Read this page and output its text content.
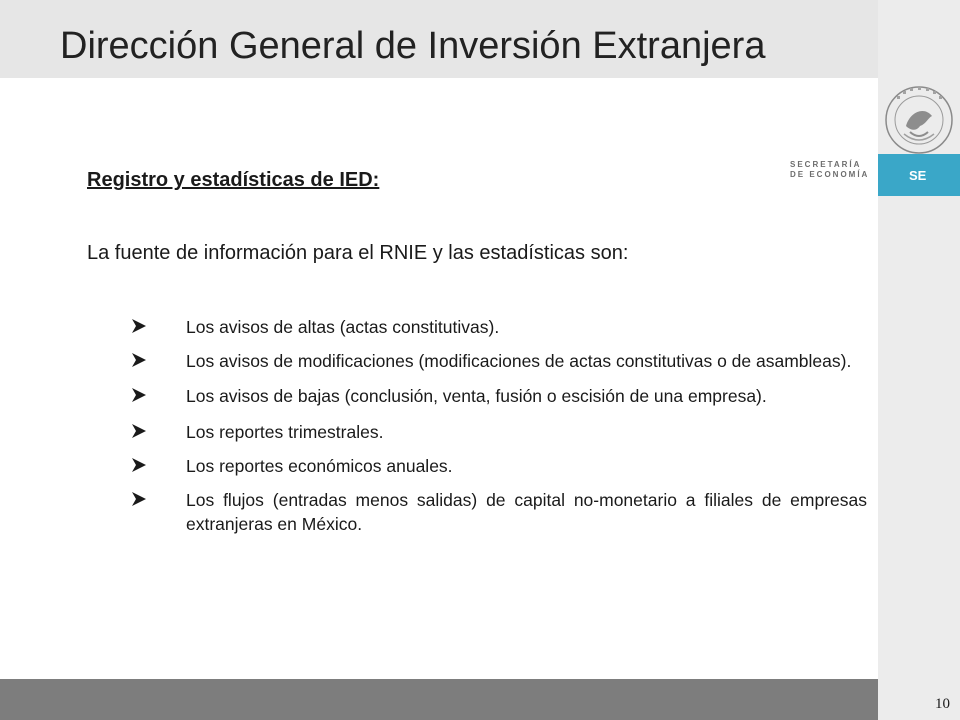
Dirección General de Inversión Extranjera
SECRETARÍA
DE ECONOMÍA	SE

Registro y estadísticas de IED:

La fuente de información para el RNIE y las estadísticas son:

Los avisos de altas (actas constitutivas).
Los avisos de modificaciones (modificaciones de actas constitutivas o de asambleas).
Los avisos de bajas (conclusión, venta, fusión o escisión de una empresa).
Los reportes trimestrales.
Los reportes económicos anuales.
Los flujos (entradas menos salidas) de capital no-monetario a filiales de empresas extranjeras en México.
10
